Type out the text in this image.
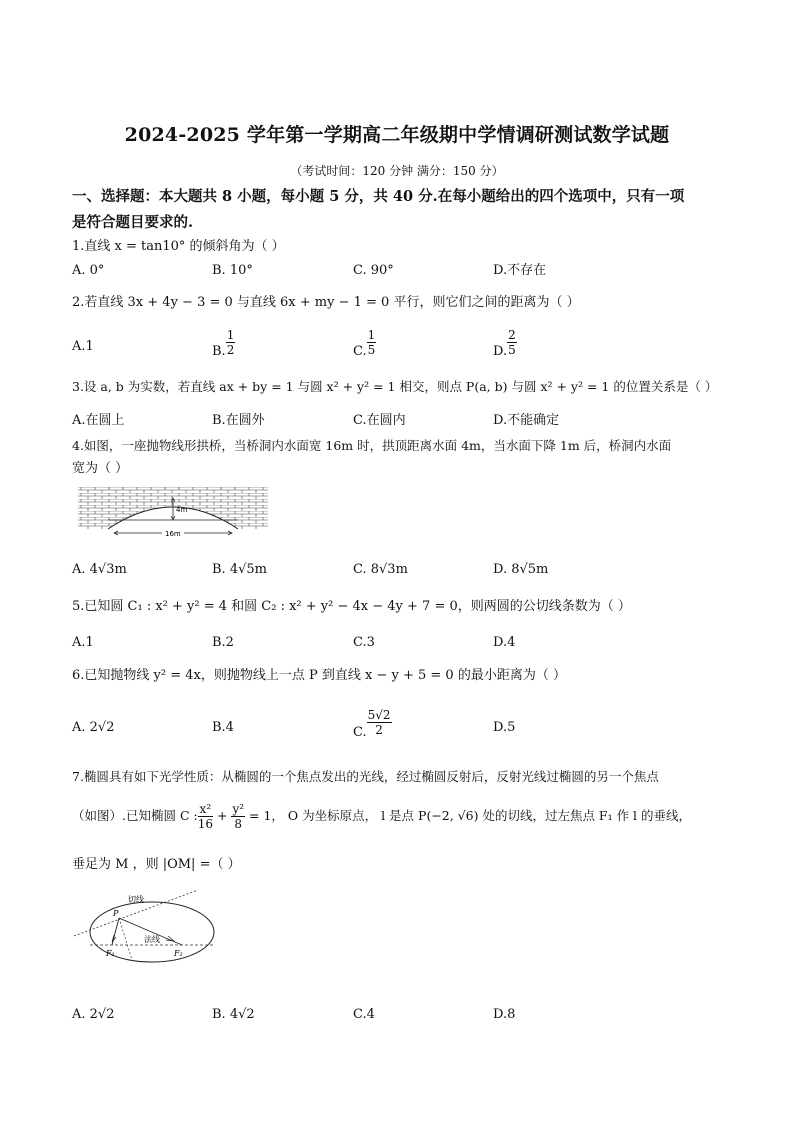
2024-2025 学年第一学期高二年级期中学情调研测试数学试题
（考试时间：120 分钟 满分：150 分）
一、选择题：本大题共 8 小题，每小题 5 分，共 40 分.在每小题给出的四个选项中，只有一项
是符合题目要求的.
1.直线 x = tan10° 的倾斜角为（ ）
A. 0°	B. 10°	C. 90°	D.不存在
2.若直线 3x + 4y − 3 = 0 与直线 6x + my − 1 = 0 平行，则它们之间的距离为（ ）
A.1	B. $\frac{1}{2}$	C. $\frac{1}{5}$	D. $\frac{2}{5}$
3.设 a, b 为实数，若直线 ax + by = 1 与圆 x² + y² = 1 相交，则点 P(a, b) 与圆 x² + y² = 1 的位置关系是（ ）
A.在圆上	B.在圆外	C.在圆内	D.不能确定
4.如图，一座抛物线形拱桥，当桥洞内水面宽 16m 时，拱顶距离水面 4m，当水面下降 1m 后，桥洞内水面
宽为（ ）
4m
16m
A. 4√3m	B. 4√5m	C. 8√3m	D. 8√5m
5.已知圆 C₁ : x² + y² = 4 和圆 C₂ : x² + y² − 4x − 4y + 7 = 0，则两圆的公切线条数为（ ）
A.1	B.2	C.3	D.4
6.已知抛物线 y² = 4x，则抛物线上一点 P 到直线 x − y + 5 = 0 的最小距离为（ ）
A. 2√2	B.4	C. $\frac{5√2}{2}$	D.5
7.椭圆具有如下光学性质：从椭圆的一个焦点发出的光线，经过椭圆反射后，反射光线过椭圆的另一个焦点
（如图）.已知椭圆 C : $\frac{\text{x²}}{16} + \frac{\text{y²}}{8} = 1$， O 为坐标原点， l 是点 P(−2, √6) 处的切线，过左焦点 F₁ 作 l 的垂线，
垂足为 M ，则 |OM| =（ ）
切线
P
法线
F₁	F₂
A. 2√2	B. 4√2	C.4	D.8
